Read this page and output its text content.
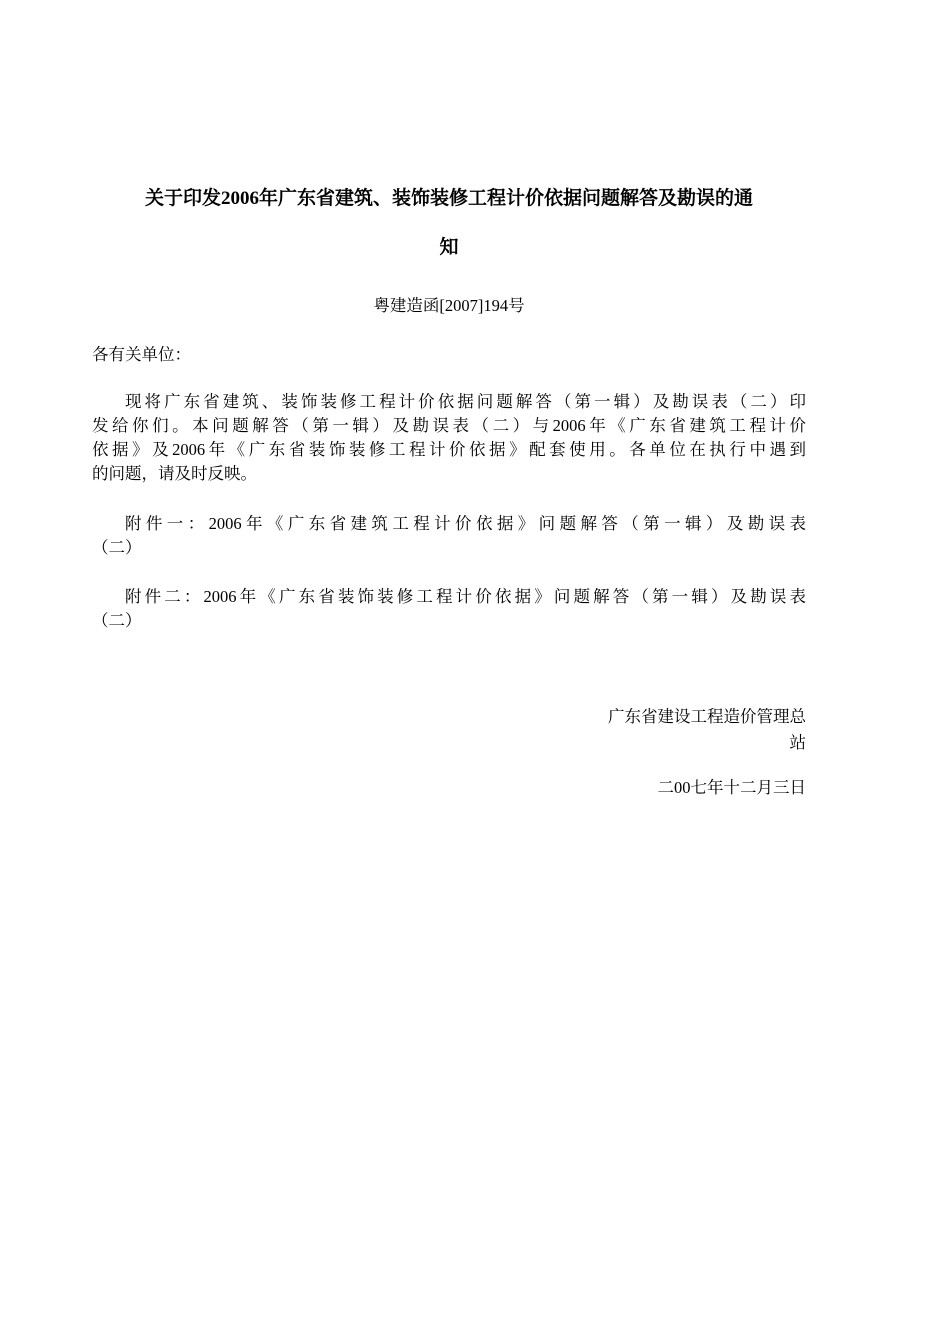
关于印发2006年广东省建筑、装饰装修工程计价依据问题解答及勘误的通
知
粤建造函[2007]194号
各有关单位：
现将广东省建筑、装饰装修工程计价依据问题解答（第一辑）及勘误表（二）印
发给你们。本问题解答（第一辑）及勘误表（二）与2006年《广东省建筑工程计价
依据》及2006年《广东省装饰装修工程计价依据》配套使用。各单位在执行中遇到
的问题，请及时反映。
附件一：2006年《广东省建筑工程计价依据》问题解答（第一辑）及勘误表
（二）
附件二：2006年《广东省装饰装修工程计价依据》问题解答（第一辑）及勘误表
（二）
广东省建设工程造价管理总
站
二00七年十二月三日
